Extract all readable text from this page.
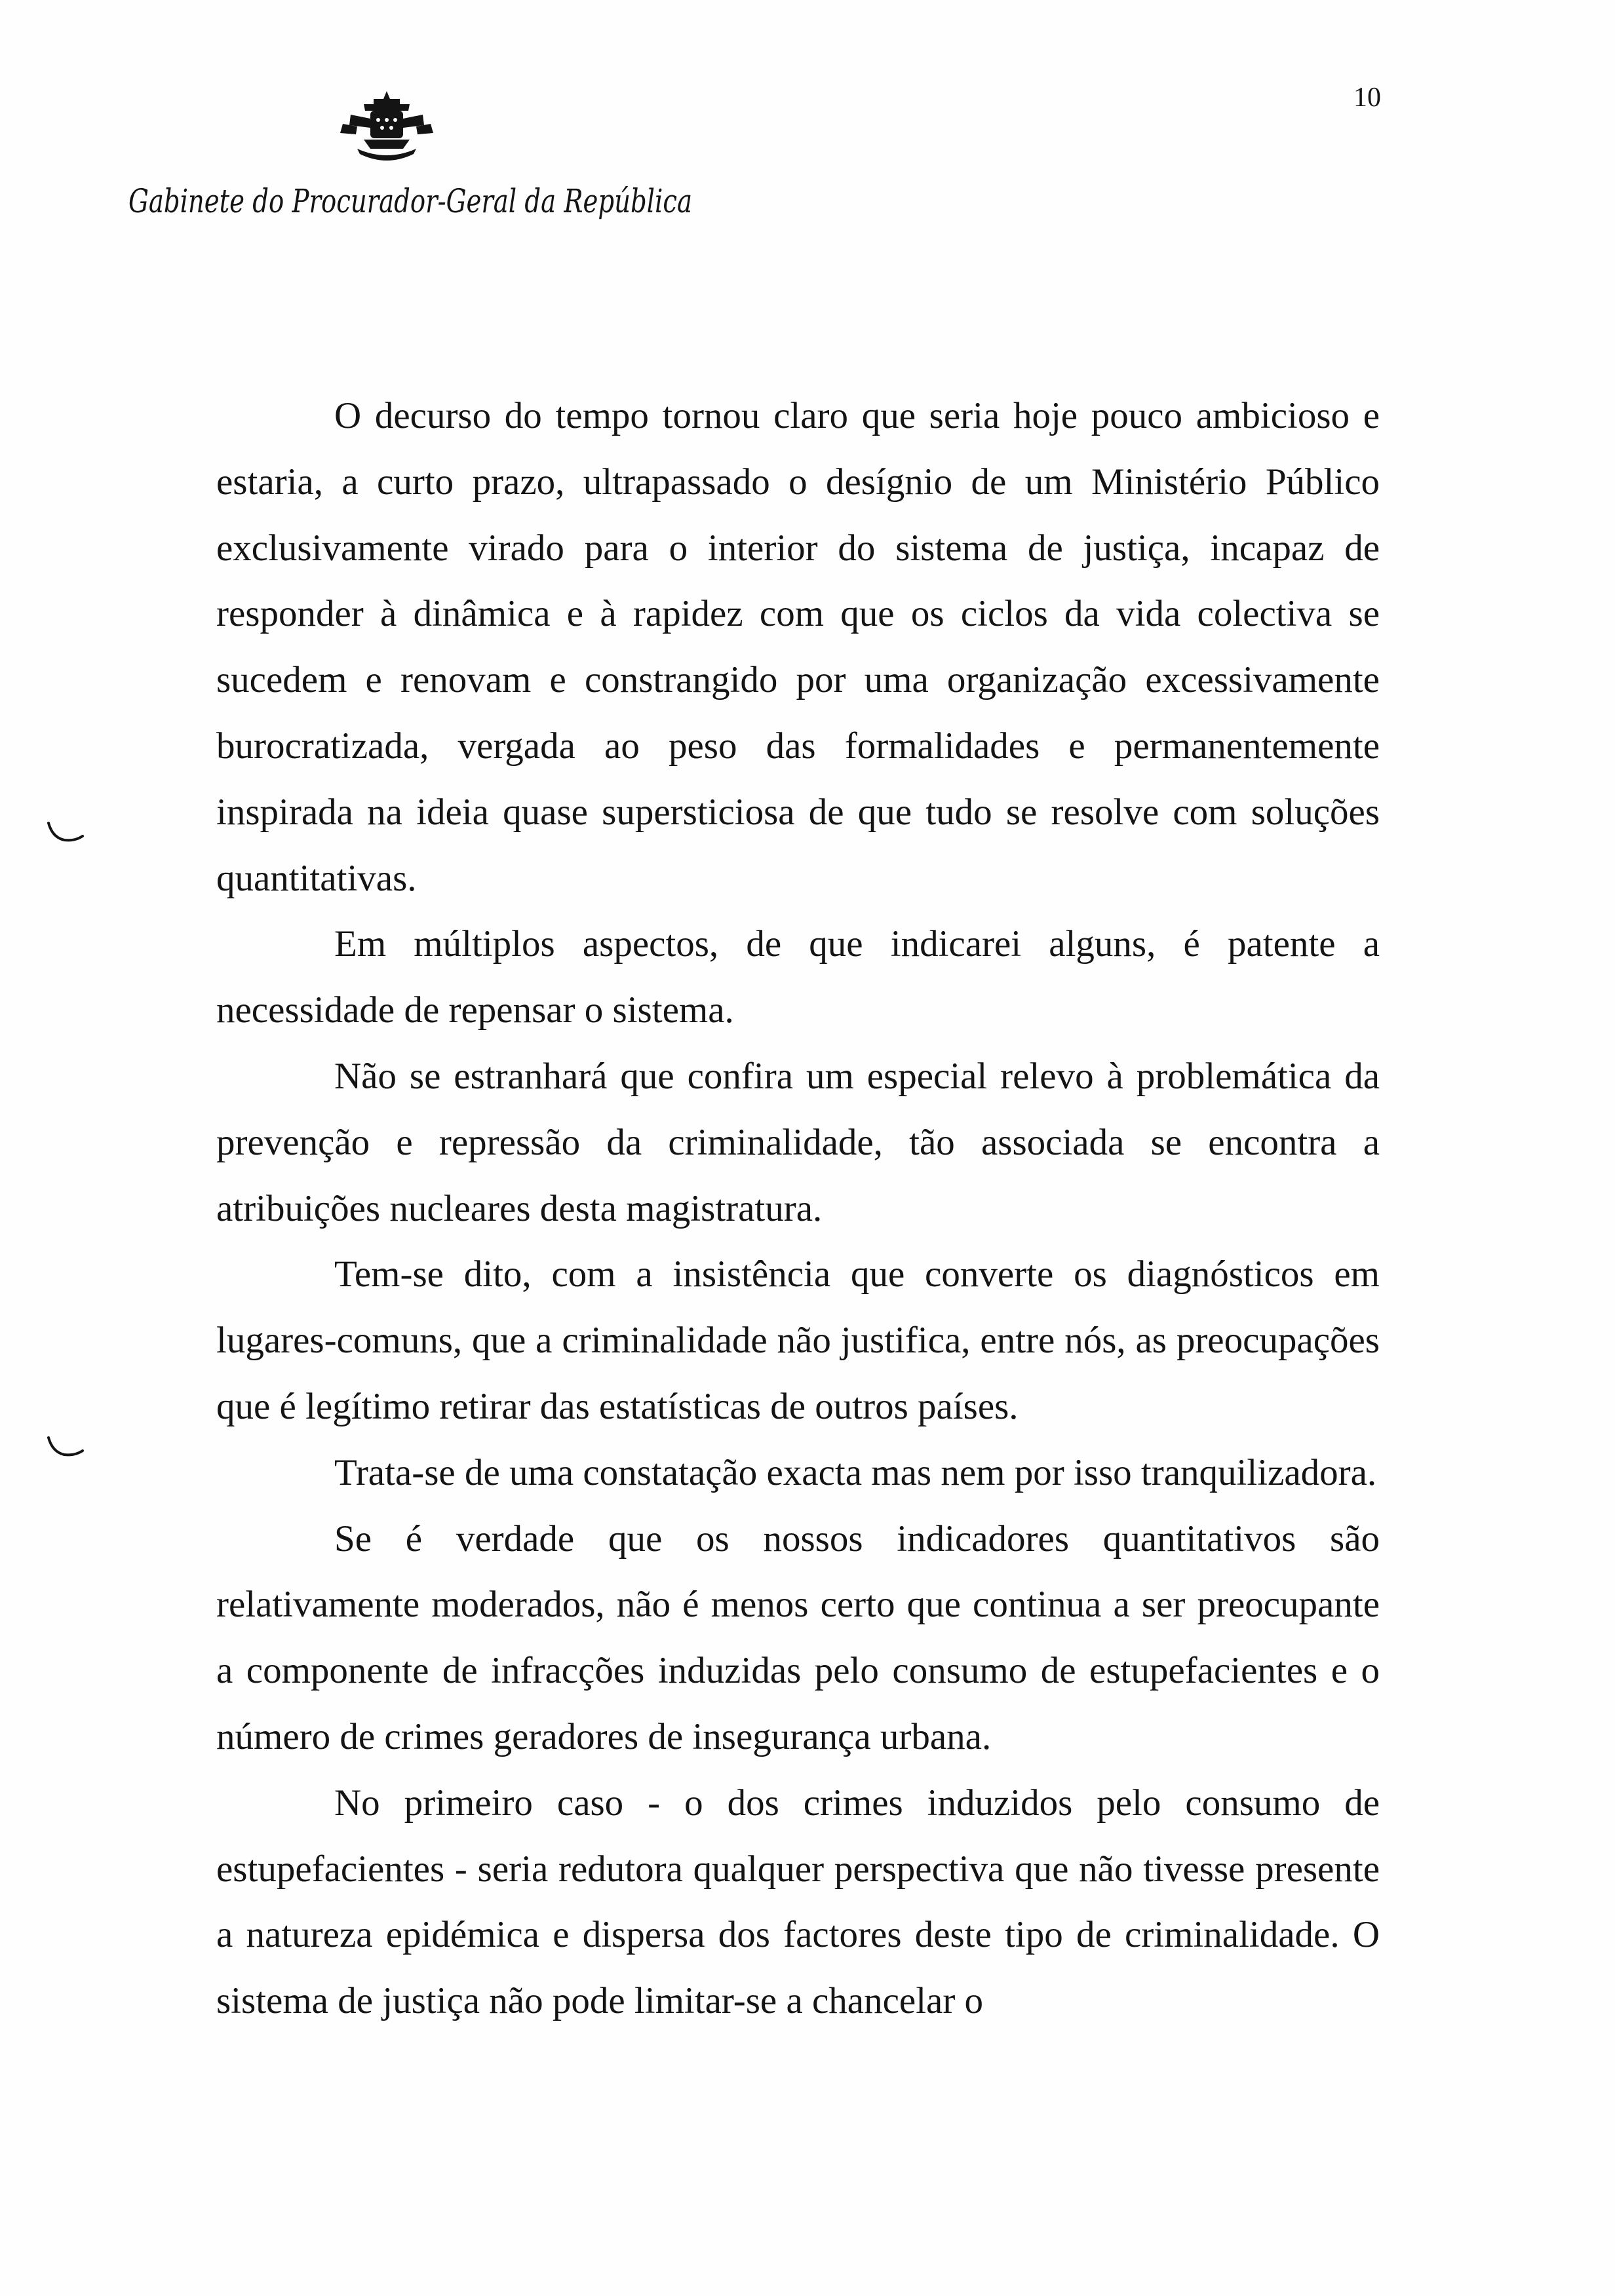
10
Gabinete do Procurador-Geral da República

O decurso do tempo tornou claro que seria hoje pouco ambicioso e estaria, a curto prazo, ultrapassado o desígnio de um Ministério Público exclusivamente virado para o interior do sistema de justiça, incapaz de responder à dinâmica e à rapidez com que os ciclos da vida colectiva se sucedem e renovam e constrangido por uma organização excessivamente burocratizada, vergada ao peso das formalidades e permanentemente inspirada na ideia quase supersticiosa de que tudo se resolve com soluções quantitativas.

Em múltiplos aspectos, de que indicarei alguns, é patente a necessidade de repensar o sistema.

Não se estranhará que confira um especial relevo à problemática da prevenção e repressão da criminalidade, tão associada se encontra a atribuições nucleares desta magistratura.

Tem-se dito, com a insistência que converte os diagnósticos em lugares-comuns, que a criminalidade não justifica, entre nós, as preocupações que é legítimo retirar das estatísticas de outros países.

Trata-se de uma constatação exacta mas nem por isso tranquilizadora.

Se é verdade que os nossos indicadores quantitativos são relativamente moderados, não é menos certo que continua a ser preocupante a componente de infracções induzidas pelo consumo de estupefacientes e o número de crimes geradores de insegurança urbana.

No primeiro caso - o dos crimes induzidos pelo consumo de estupefacientes - seria redutora qualquer perspectiva que não tivesse presente a natureza epidémica e dispersa dos factores deste tipo de criminalidade. O sistema de justiça não pode limitar-se a chancelar o
